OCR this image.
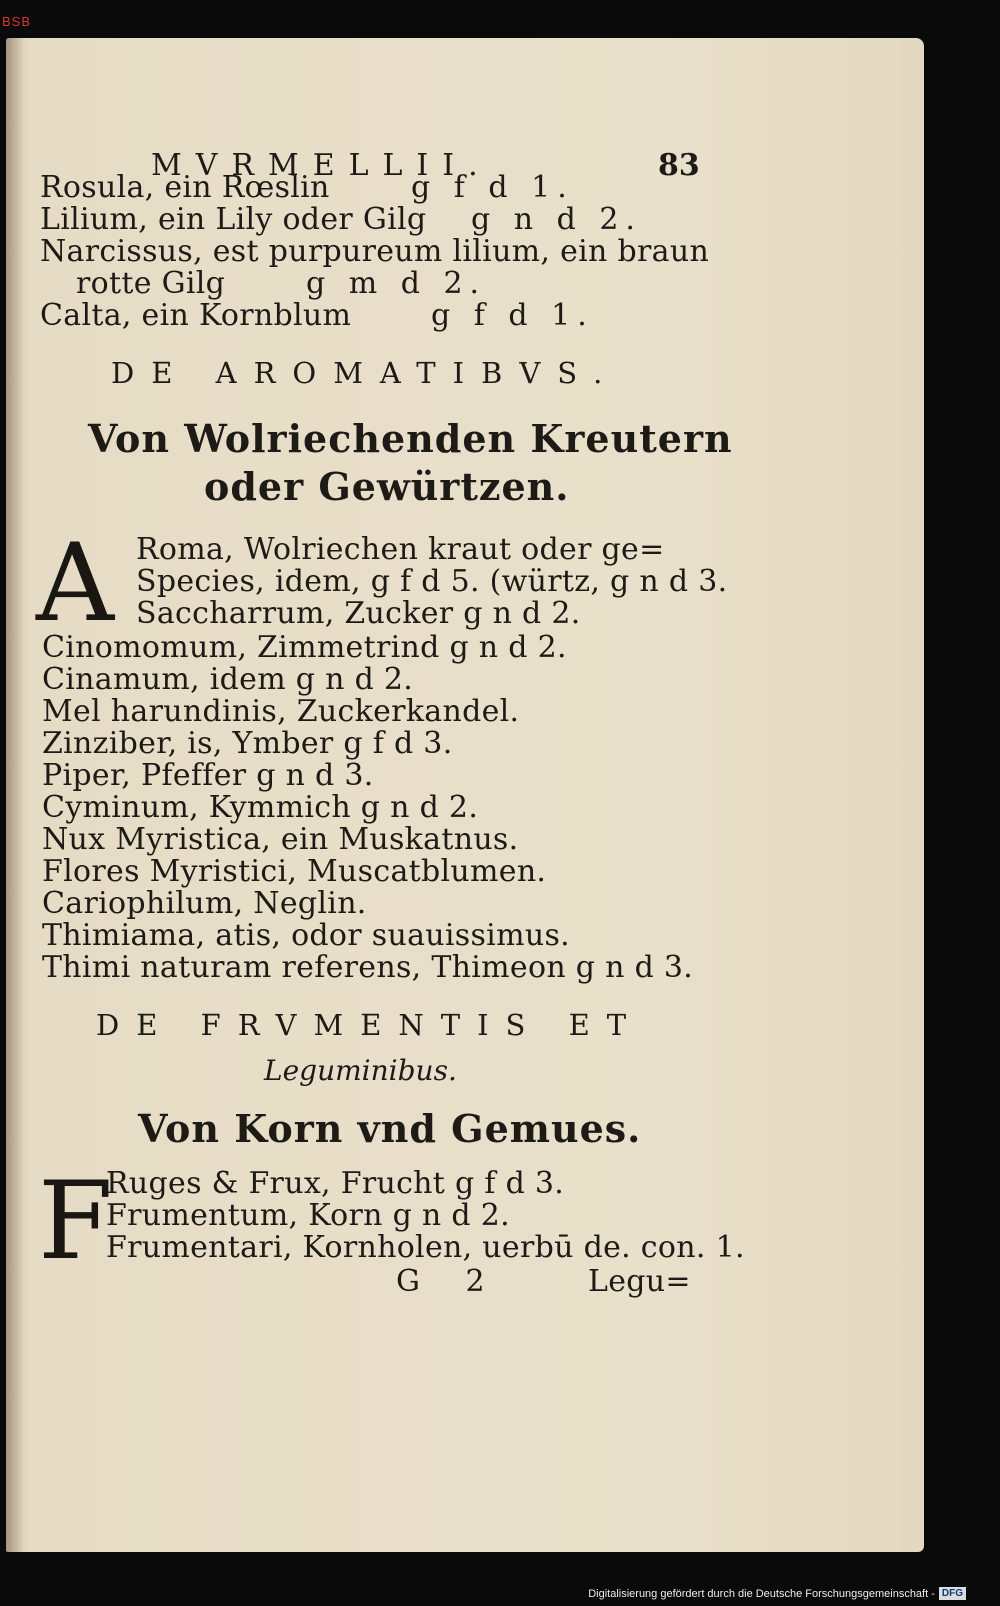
BSB
MVRMELLII.	83
Rosula, ein Rœslin	g f d 1.
Lilium, ein Lily oder Gilg g n d 2.
Narcissus, est purpureum lilium, ein braun
rotte Gilg	g m d 2.
Calta, ein Kornblum	g f d 1.
DE AROMATIBVS.
Von Wolriechenden Kreutern
oder Gewürtzen.
A Roma, Wolriechen kraut oder ge=
Species, idem, g f d 5. (würtz, g n d 3.
Saccharrum, Zucker g n d 2.
Cinomomum, Zimmetrind g n d 2.
Cinamum, idem g n d 2.
Mel harundinis, Zuckerkandel.
Zinziber, is, Ymber g f d 3.
Piper, Pfeffer g n d 3.
Cyminum, Kymmich g n d 2.
Nux Myristica, ein Muskatnus.
Flores Myristici, Muscatblumen.
Cariophilum, Neglin.
Thimiama, atis, odor suauissimus.
Thimi naturam referens, Thimeon g n d 3.
DE FRVMENTIS ET
Leguminibus.
Von Korn vnd Gemues.
F
Ruges & Frux, Frucht g f d 3.
Frumentum, Korn g n d 2.
Frumentari, Kornholen, uerbū de. con. 1.
G 2	Legu=
Digitalisierung gefördert durch die Deutsche Forschungsgemeinschaft - DFG
